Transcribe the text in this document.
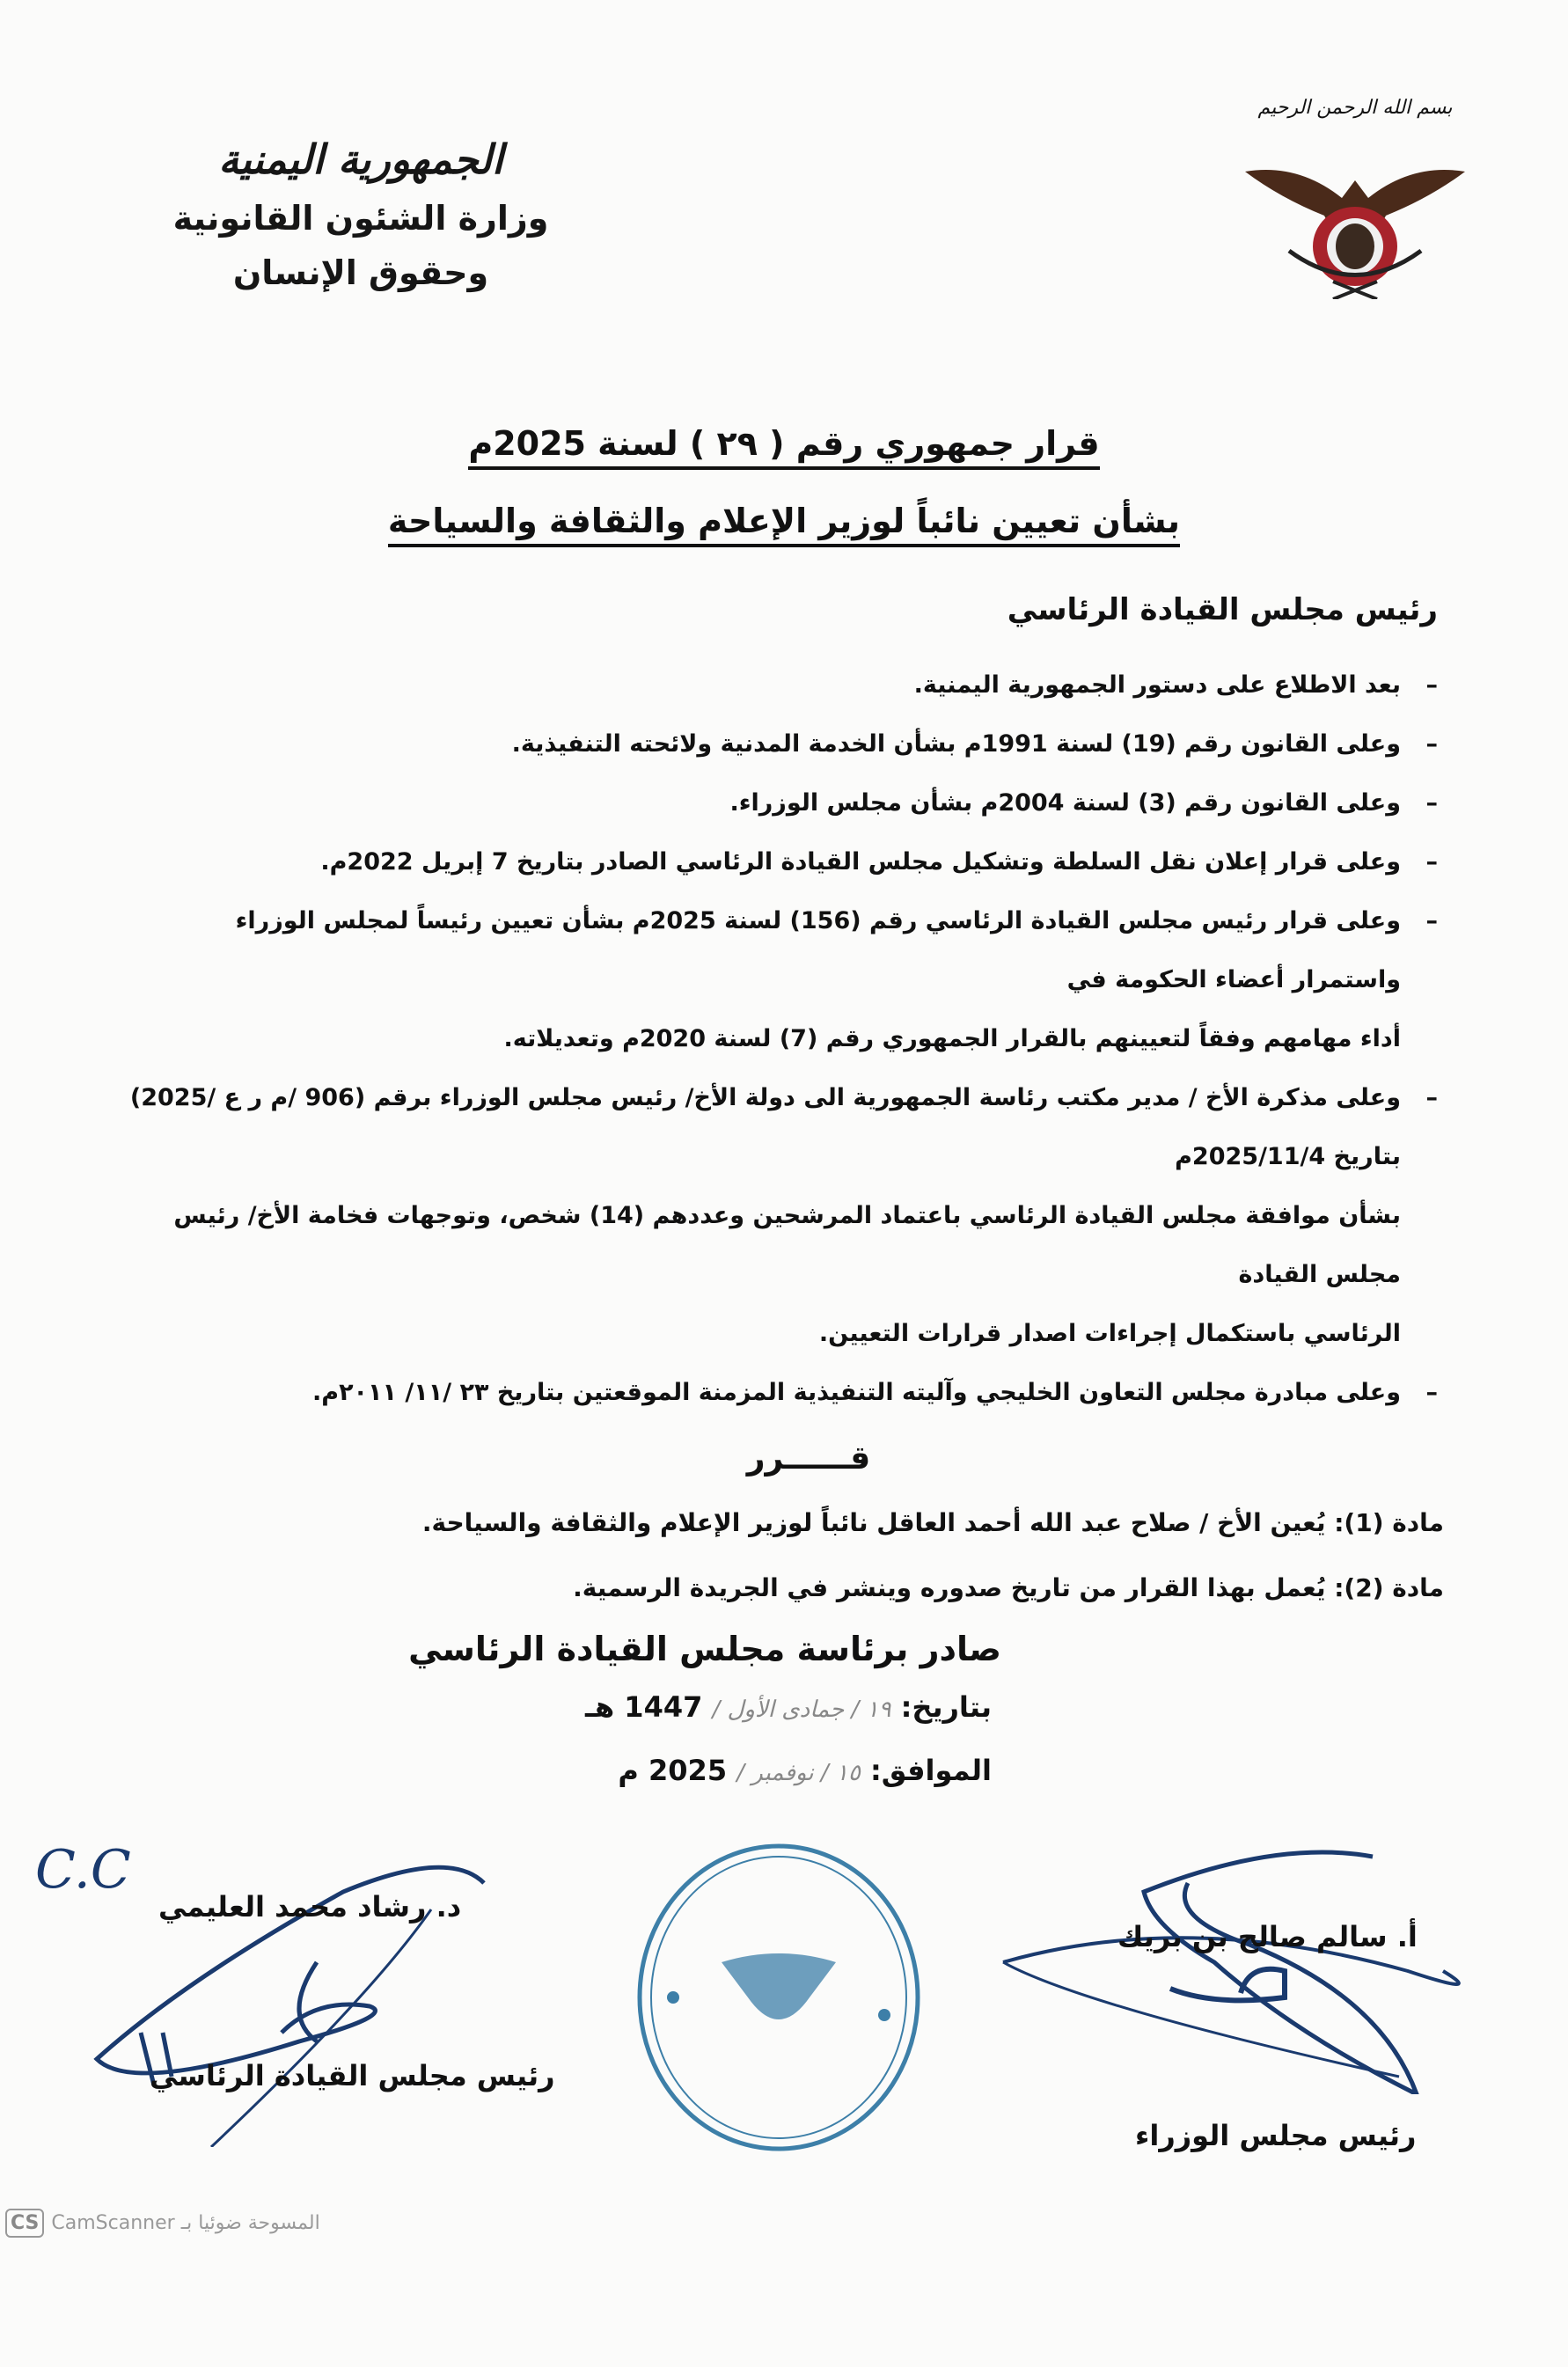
الجمهورية اليمنية
وزارة الشئون القانونية
وحقوق الإنسان
بسم الله الرحمن الرحيم
قرار جمهوري رقم ( ٢٩ ) لسنة 2025م
بشأن تعيين نائباً لوزير الإعلام والثقافة والسياحة
رئيس مجلس القيادة الرئاسي
–
بعد الاطلاع على دستور الجمهورية اليمنية.
–
وعلى القانون رقم (19) لسنة 1991م بشأن الخدمة المدنية ولائحته التنفيذية.
–
وعلى القانون رقم (3) لسنة 2004م بشأن مجلس الوزراء.
–
وعلى قرار إعلان نقل السلطة وتشكيل مجلس القيادة الرئاسي الصادر بتاريخ 7 إبريل 2022م.
–
وعلى قرار رئيس مجلس القيادة الرئاسي رقم (156) لسنة 2025م بشأن تعيين رئيساً لمجلس الوزراء واستمرار أعضاء الحكومة في
أداء مهامهم وفقاً لتعيينهم بالقرار الجمهوري رقم (7) لسنة 2020م وتعديلاته.
–
وعلى مذكرة الأخ / مدير مكتب رئاسة الجمهورية الى دولة الأخ/ رئيس مجلس الوزراء برقم (906 /م ر ع /2025) بتاريخ 2025/11/4م
بشأن موافقة مجلس القيادة الرئاسي باعتماد المرشحين وعددهم (14) شخص، وتوجهات فخامة الأخ/ رئيس مجلس القيادة
الرئاسي باستكمال إجراءات اصدار قرارات التعيين.
–
وعلى مبادرة مجلس التعاون الخليجي وآليته التنفيذية المزمنة الموقعتين بتاريخ ٢٣ /١١/ ٢٠١١م.
قــــــرر
مادة (1): يُعين الأخ / صلاح عبد الله أحمد العاقل نائباً لوزير الإعلام والثقافة والسياحة.
مادة (2): يُعمل بهذا القرار من تاريخ صدوره وينشر في الجريدة الرسمية.
صادر برئاسة مجلس القيادة الرئاسي
بتاريخ: ١٩ / جمادى الأول / 1447 هـ
الموافق: ١٥ / نوفمبر / 2025 م
C.C
د. رشاد محمد العليمي
رئيس مجلس القيادة الرئاسي
أ. سالم صالح بن بريك
رئيس مجلس الوزراء
CS المسوحة ضوئيا بـ CamScanner
